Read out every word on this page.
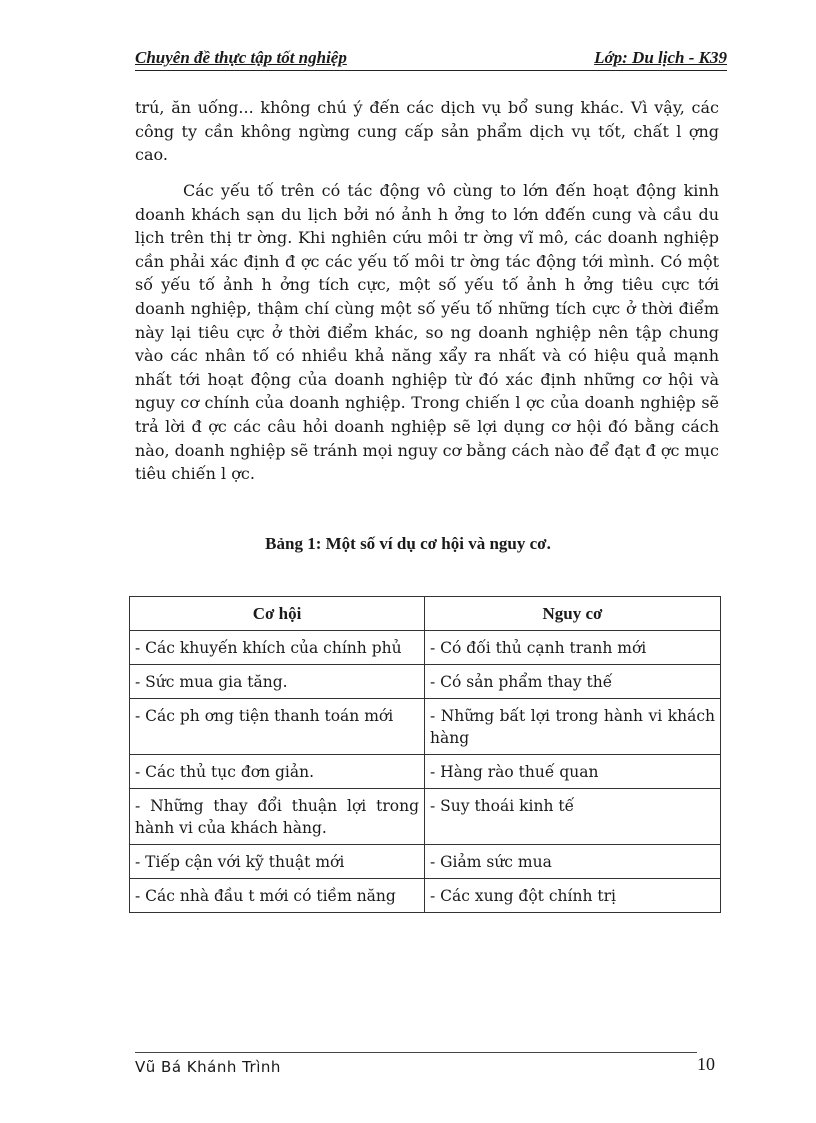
Chuyên đề thực tập tốt nghiệp	Lớp: Du lịch - K39

trú, ăn uống... không chú ý đến các dịch vụ bổ sung khác. Vì vậy, các công ty cần không ngừng cung cấp sản phẩm dịch vụ tốt, chất l ợng cao.

Các yếu tố trên có tác động vô cùng to lớn đến hoạt động kinh doanh khách sạn du lịch bởi nó ảnh h ởng to lớn dđến cung và cầu du lịch trên thị tr ờng. Khi nghiên cứu môi tr ờng vĩ mô, các doanh nghiệp cần phải xác định đ ợc các yếu tố môi tr ờng tác động tới mình. Có một số yếu tố ảnh h ởng tích cực, một số yếu tố ảnh h ởng tiêu cực tới doanh nghiệp, thậm chí cùng một số yếu tố những tích cực ở thời điểm này lại tiêu cực ở thời điểm khác, so ng doanh nghiệp nên tập chung vào các nhân tố có nhiều khả năng xẩy ra nhất và có hiệu quả mạnh nhất tới hoạt động của doanh nghiệp từ đó xác định những cơ hội và nguy cơ chính của doanh nghiệp. Trong chiến l ợc của doanh nghiệp sẽ trả lời đ ợc các câu hỏi doanh nghiệp sẽ lợi dụng cơ hội đó bằng cách nào, doanh nghiệp sẽ tránh mọi nguy cơ bằng cách nào để đạt đ ợc mục tiêu chiến l ợc.

Bảng 1: Một số ví dụ cơ hội và nguy cơ.
Cơ hội	Nguy cơ
- Các khuyến khích của chính phủ	- Có đối thủ cạnh tranh mới
- Sức mua gia tăng.	- Có sản phẩm thay thế
- Các ph ơng tiện thanh toán mới	- Những bất lợi trong hành vi khách hàng
- Các thủ tục đơn giản.	- Hàng rào thuế quan
- Những thay đổi thuận lợi trong hành vi của khách hàng.	- Suy thoái kinh tế
- Tiếp cận với kỹ thuật mới	- Giảm sức mua
- Các nhà đầu t mới có tiềm năng	- Các xung đột chính trị
Vũ Bá Khánh Trình	10
